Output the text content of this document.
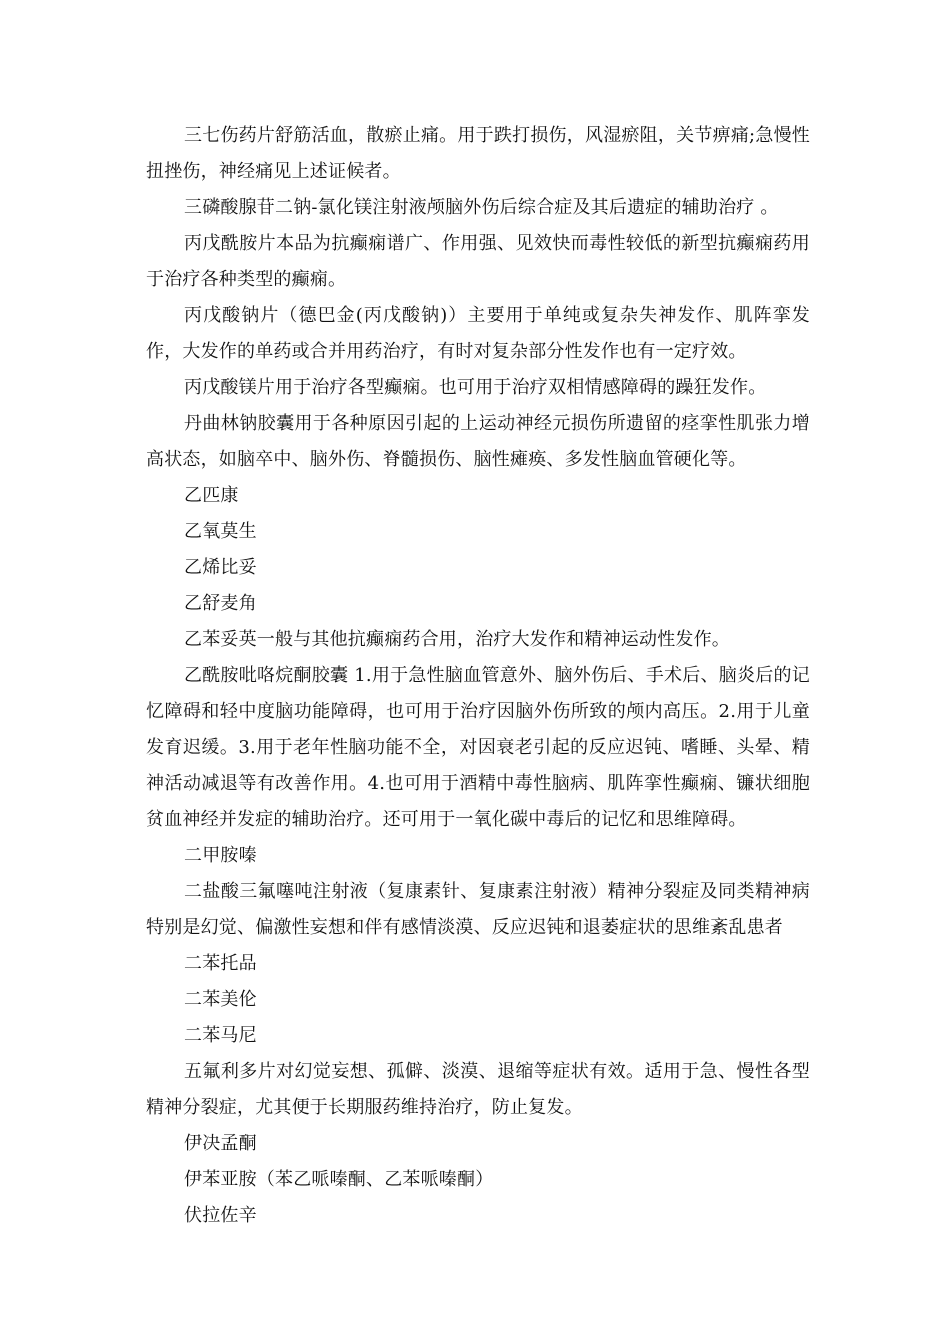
三七伤药片舒筋活血，散瘀止痛。用于跌打损伤，风湿瘀阻，关节痹痛;急慢性扭挫伤，神经痛见上述证候者。

三磷酸腺苷二钠-氯化镁注射液颅脑外伤后综合症及其后遗症的辅助治疗 。

丙戊酰胺片本品为抗癫痫谱广、作用强、见效快而毒性较低的新型抗癫痫药用于治疗各种类型的癫痫。

丙戊酸钠片（德巴金(丙戊酸钠)）主要用于单纯或复杂失神发作、肌阵挛发作，大发作的单药或合并用药治疗，有时对复杂部分性发作也有一定疗效。

丙戊酸镁片用于治疗各型癫痫。也可用于治疗双相情感障碍的躁狂发作。

丹曲林钠胶囊用于各种原因引起的上运动神经元损伤所遗留的痉挛性肌张力增高状态，如脑卒中、脑外伤、脊髓损伤、脑性瘫痪、多发性脑血管硬化等。

乙匹康

乙氧莫生

乙烯比妥

乙舒麦角

乙苯妥英一般与其他抗癫痫药合用，治疗大发作和精神运动性发作。

乙酰胺吡咯烷酮胶囊 1.用于急性脑血管意外、脑外伤后、手术后、脑炎后的记忆障碍和轻中度脑功能障碍，也可用于治疗因脑外伤所致的颅内高压。2.用于儿童发育迟缓。3.用于老年性脑功能不全，对因衰老引起的反应迟钝、嗜睡、头晕、精神活动减退等有改善作用。4.也可用于酒精中毒性脑病、肌阵挛性癫痫、镰状细胞贫血神经并发症的辅助治疗。还可用于一氧化碳中毒后的记忆和思维障碍。

二甲胺嗪

二盐酸三氟噻吨注射液（复康素针、复康素注射液）精神分裂症及同类精神病特别是幻觉、偏激性妄想和伴有感情淡漠、反应迟钝和退萎症状的思维紊乱患者

二苯托品

二苯美伦

二苯马尼

五氟利多片对幻觉妄想、孤僻、淡漠、退缩等症状有效。适用于急、慢性各型精神分裂症，尤其便于长期服药维持治疗，防止复发。

伊决孟酮

伊苯亚胺（苯乙哌嗪酮、乙苯哌嗪酮）

伏拉佐辛
